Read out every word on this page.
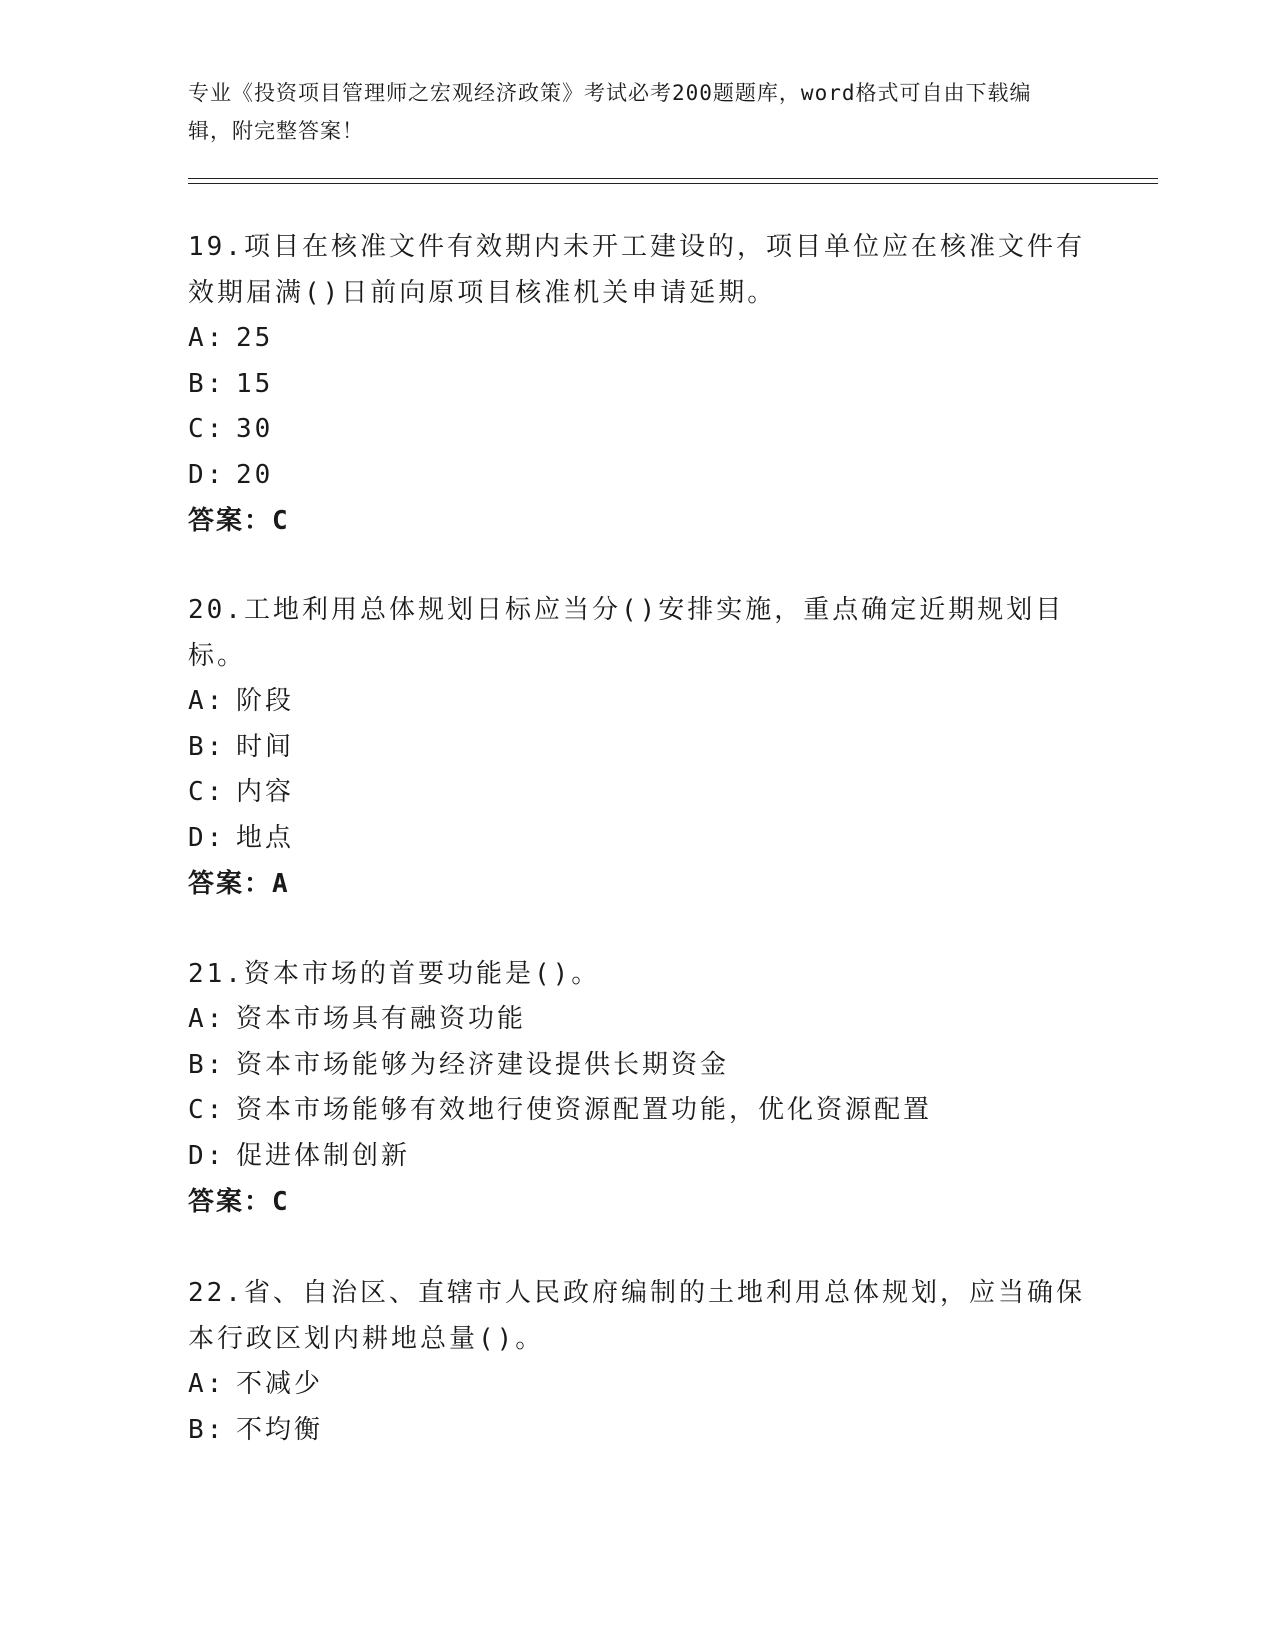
专业《投资项目管理师之宏观经济政策》考试必考200题题库，word格式可自由下载编辑，附完整答案！

19.项目在核准文件有效期内未开工建设的，项目单位应在核准文件有效期届满()日前向原项目核准机关申请延期。

A: 25

B: 15

C: 30

D: 20

答案：C

20.工地利用总体规划日标应当分()安排实施，重点确定近期规划目标。

A: 阶段

B: 时间

C: 内容

D: 地点

答案：A

21.资本市场的首要功能是()。

A: 资本市场具有融资功能

B: 资本市场能够为经济建设提供长期资金

C: 资本市场能够有效地行使资源配置功能，优化资源配置

D: 促进体制创新

答案：C

22.省、自治区、直辖市人民政府编制的土地利用总体规划，应当确保本行政区划内耕地总量()。

A: 不减少

B: 不均衡
